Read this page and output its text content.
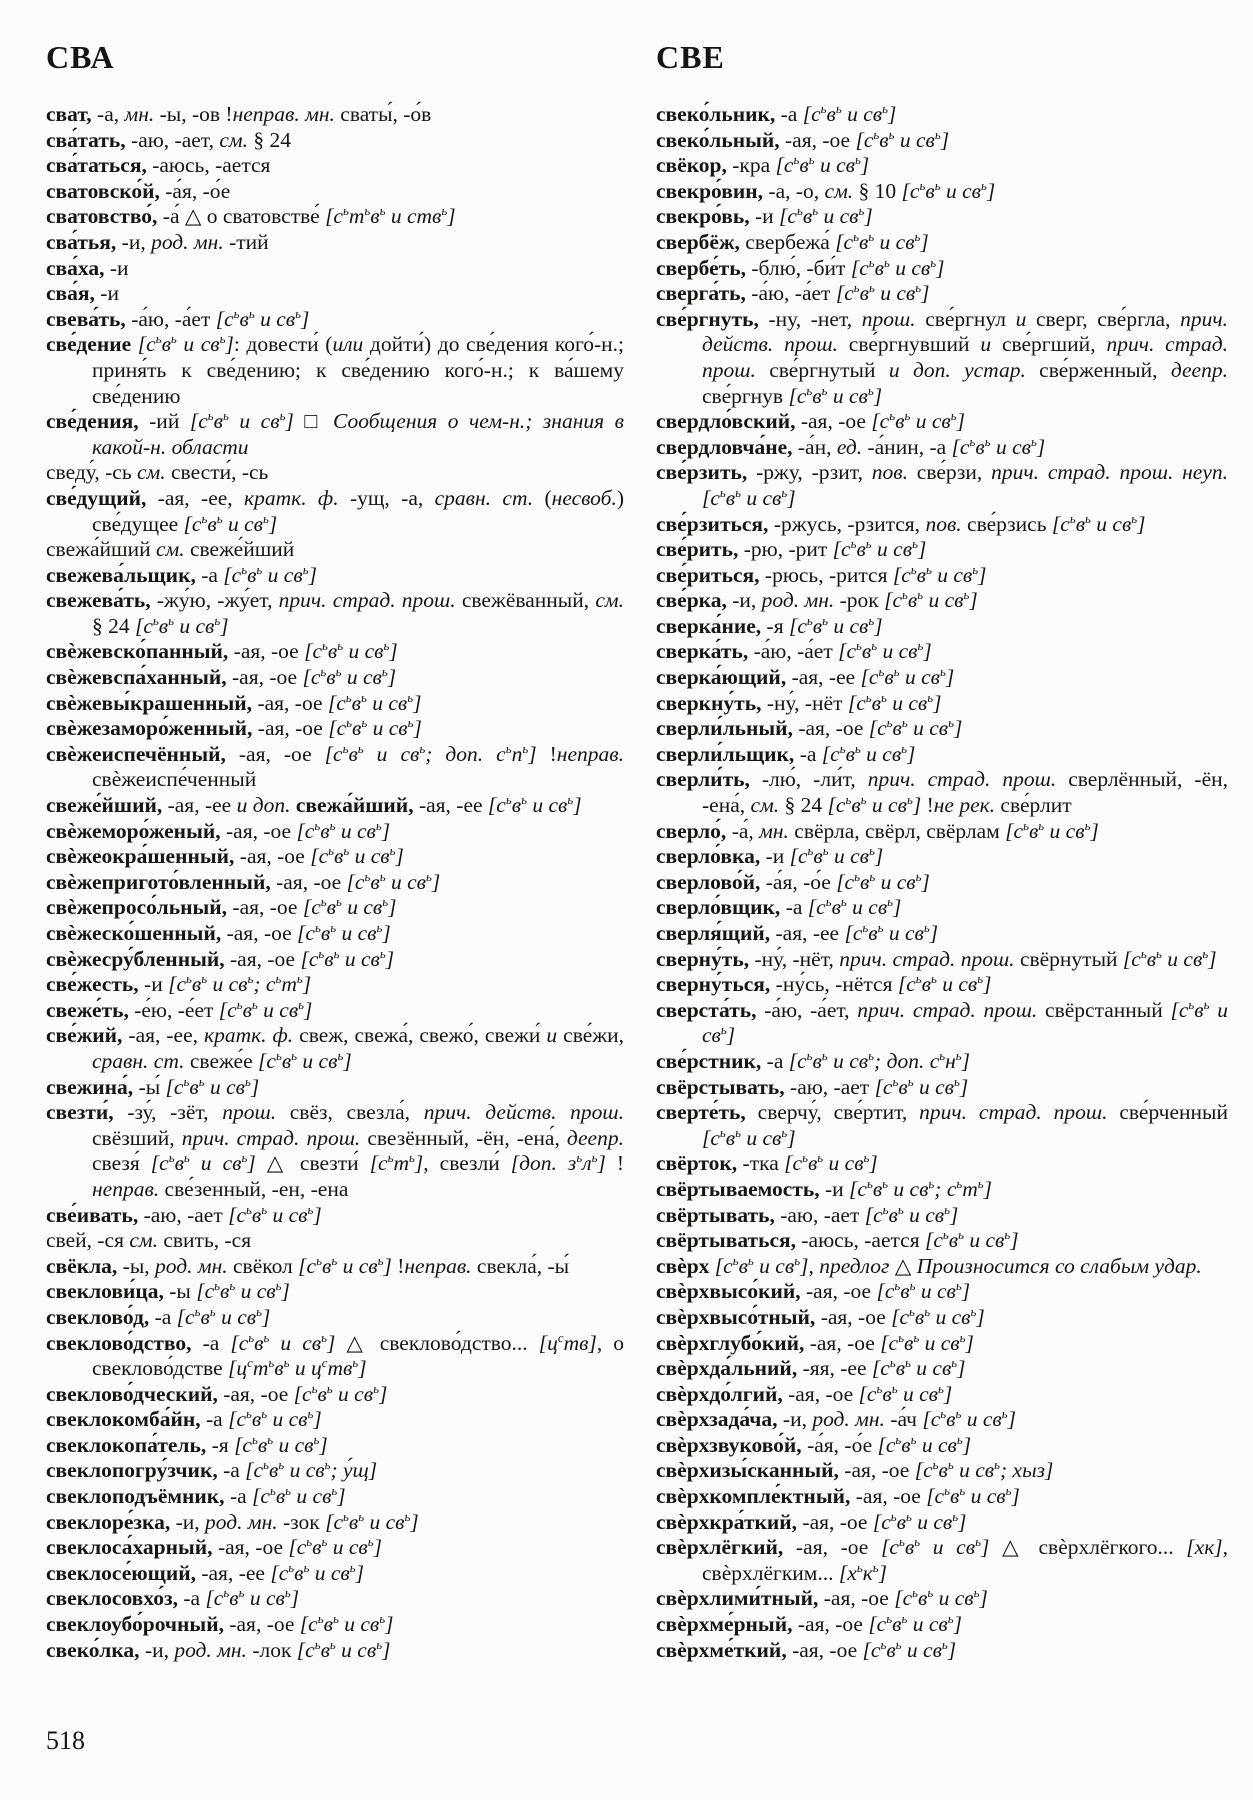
СВА
сват, -а, мн. -ы, -ов !неправ. мн. сваты́, -о́в
сва́тать, -аю, -ает, см. § 24
сва́таться, -аюсь, -ается
сватовско́й, -а́я, -о́е
сватовство́, -а́ △ о сватовстве́ [$с^ьт^ьв^ь$ и ств$^ь$]
сва́тья, -и, род. мн. -тий
сва́ха, -и
сва́я, -и
свева́ть, -а́ю, -а́ет [$с^ьв^ь$ и $св^ь$]
све́дение [$с^ьв^ь$ и $св^ь$]: довести́ (или дойти́) до све́дения кого́-н.; приня́ть к све́дению; к све́дению кого́-н.; к ва́шему све́дению
све́дения, -ий [$с^ьв^ь$ и $св^ь$] □ Сообщения о чем-н.; знания в какой-н. области
сведу́, -сь см. свести́, -сь
све́дущий, -ая, -ее, кратк. ф. -ущ, -а, сравн. ст. (несвоб.) све́дущее [$с^ьв^ь$ и $св^ь$]
свежа́йший см. свеже́йший
свежева́льщик, -а [$с^ьв^ь$ и $св^ь$]
свежева́ть, -жу́ю, -жу́ет, прич. страд. прош. свежёванный, см. § 24 [$с^ьв^ь$ и $св^ь$]
свѐжевско́панный, -ая, -ое [$с^ьв^ь$ и $св^ь$]
свѐжевспа́ханный, -ая, -ое [$с^ьв^ь$ и $св^ь$]
свѐжевы́крашенный, -ая, -ое [$с^ьв^ь$ и $св^ь$]
свѐжезаморо́женный, -ая, -ое [$с^ьв^ь$ и $св^ь$]
свѐжеиспечённый, -ая, -ое [$с^ьв^ь$ и $св^ь$; доп. $с^ьп^ь$] !неправ. свѐжеиспе́ченный
свеже́йший, -ая, -ее и доп. свежа́йший, -ая, -ее [$с^ьв^ь$ и $св^ь$]
свѐжеморо́женый, -ая, -ое [$с^ьв^ь$ и $св^ь$]
свѐжеокра́шенный, -ая, -ое [$с^ьв^ь$ и $св^ь$]
свѐжепригото́вленный, -ая, -ое [$с^ьв^ь$ и $св^ь$]
свѐжепросо́льный, -ая, -ое [$с^ьв^ь$ и $св^ь$]
свѐжеско́шенный, -ая, -ое [$с^ьв^ь$ и $св^ь$]
свѐжесру́бленный, -ая, -ое [$с^ьв^ь$ и $св^ь$]
све́жесть, -и [$с^ьв^ь$ и $св^ь$; $с^ьт^ь$]
свеже́ть, -е́ю, -е́ет [$с^ьв^ь$ и $св^ь$]
све́жий, -ая, -ее, кратк. ф. свеж, свежа́, свежо́, свежи́ и све́жи, сравн. ст. свеже́е [$с^ьв^ь$ и $св^ь$]
свежина́, -ы́ [$с^ьв^ь$ и $св^ь$]
свезти́, -зу́, -зёт, прош. свёз, свезла́, прич. действ. прош. свёзший, прич. страд. прош. свезённый, -ён, -ена́, деепр. свезя́ [$с^ьв^ь$ и $св^ь$] △ свезти́ $[с^ьт^ь]$, свезли́ [доп. $з^ьл^ь$] !неправ. све́зенный, -ен, -ена
све́ивать, -аю, -ает [$с^ьв^ь$ и $св^ь$]
свей, -ся см. свить, -ся
свёкла, -ы, род. мн. свёкол [$с^ьв^ь$ и $св^ь$] !неправ. свекла́, -ы́
свеклови́ца, -ы [$с^ьв^ь$ и $св^ь$]
свеклово́д, -а [$с^ьв^ь$ и $св^ь$]
свеклово́дство, -а [$с^ьв^ь$ и $св^ь$] △ свеклово́дство... $[ц^ств]$, о свеклово́дстве [$ц^ст^ьв^ь$ и $ц^ств^ь$]
свеклово́дческий, -ая, -ое [$с^ьв^ь$ и $св^ь$]
свеклокомба́йн, -а [$с^ьв^ь$ и $св^ь$]
свеклокопа́тель, -я [$с^ьв^ь$ и $св^ь$]
свеклопогру́зчик, -а [$с^ьв^ь$ и $св^ь$; у́щ]
свеклоподъёмник, -а [$с^ьв^ь$ и $св^ь$]
свеклоре́зка, -и, род. мн. -зок [$с^ьв^ь$ и $св^ь$]
свеклоса́харный, -ая, -ое [$с^ьв^ь$ и $св^ь$]
свеклосе́ющий, -ая, -ее [$с^ьв^ь$ и $св^ь$]
свеклосовхо́з, -а [$с^ьв^ь$ и $св^ь$]
свеклоубо́рочный, -ая, -ое [$с^ьв^ь$ и $св^ь$]
свеко́лка, -и, род. мн. -лок [$с^ьв^ь$ и $св^ь$]
СВЕ
свеко́льник, -а [$с^ьв^ь$ и $св^ь$]
свеко́льный, -ая, -ое [$с^ьв^ь$ и $св^ь$]
свёкор, -кра [$с^ьв^ь$ и $св^ь$]
свекро́вин, -а, -о, см. § 10 [$с^ьв^ь$ и $св^ь$]
свекро́вь, -и [$с^ьв^ь$ и $св^ь$]
свербёж, свербежа́ [$с^ьв^ь$ и $св^ь$]
свербе́ть, -блю́, -би́т [$с^ьв^ь$ и $св^ь$]
сверга́ть, -а́ю, -а́ет [$с^ьв^ь$ и $св^ь$]
све́ргнуть, -ну, -нет, прош. све́ргнул и сверг, све́ргла, прич. действ. прош. све́ргнувший и све́ргший, прич. страд. прош. све́ргнутый и доп. устар. све́рженный, деепр. све́ргнув [$с^ьв^ь$ и $св^ь$]
свердло́вский, -ая, -ое [$с^ьв^ь$ и $св^ь$]
свердловча́не, -а́н, ед. -а́нин, -а [$с^ьв^ь$ и $св^ь$]
све́рзить, -ржу, -рзит, пов. све́рзи, прич. страд. прош. неуп. [$с^ьв^ь$ и $св^ь$]
све́рзиться, -ржусь, -рзится, пов. све́рзись [$с^ьв^ь$ и $св^ь$]
све́рить, -рю, -рит [$с^ьв^ь$ и $св^ь$]
све́риться, -рюсь, -рится [$с^ьв^ь$ и $св^ь$]
све́рка, -и, род. мн. -рок [$с^ьв^ь$ и $св^ь$]
сверка́ние, -я [$с^ьв^ь$ и $св^ь$]
сверка́ть, -а́ю, -а́ет [$с^ьв^ь$ и $св^ь$]
сверка́ющий, -ая, -ее [$с^ьв^ь$ и $св^ь$]
сверкну́ть, -ну́, -нёт [$с^ьв^ь$ и $св^ь$]
сверли́льный, -ая, -ое [$с^ьв^ь$ и $св^ь$]
сверли́льщик, -а [$с^ьв^ь$ и $св^ь$]
сверли́ть, -лю́, -ли́т, прич. страд. прош. сверлённый, -ён, -ена́, см. § 24 [$с^ьв^ь$ и $св^ь$] !не рек. све́рлит
сверло́, -а́, мн. свёрла, свёрл, свёрлам [$с^ьв^ь$ и $св^ь$]
сверло́вка, -и [$с^ьв^ь$ и $св^ь$]
сверлово́й, -а́я, -о́е [$с^ьв^ь$ и $св^ь$]
сверло́вщик, -а [$с^ьв^ь$ и $св^ь$]
сверля́щий, -ая, -ее [$с^ьв^ь$ и $св^ь$]
сверну́ть, -ну́, -нёт, прич. страд. прош. свёрнутый [$с^ьв^ь$ и $св^ь$]
сверну́ться, -ну́сь, -нётся [$с^ьв^ь$ и $св^ь$]
сверста́ть, -а́ю, -а́ет, прич. страд. прош. свёрстанный [$с^ьв^ь$ и $св^ь$]
све́рстник, -а [$с^ьв^ь$ и $св^ь$; доп. $с^ьн^ь$]
свёрстывать, -аю, -ает [$с^ьв^ь$ и $св^ь$]
сверте́ть, сверчу́, све́ртит, прич. страд. прош. све́рченный [$с^ьв^ь$ и $св^ь$]
свёрток, -тка [$с^ьв^ь$ и $св^ь$]
свёртываемость, -и [$с^ьв^ь$ и $св^ь$; $с^ьт^ь$]
свёртывать, -аю, -ает [$с^ьв^ь$ и $св^ь$]
свёртываться, -аюсь, -ается [$с^ьв^ь$ и $св^ь$]
свѐрх [$с^ьв^ь$ и $св^ь$], предлог △ Произносится со слабым удар.
свѐрхвысо́кий, -ая, -ое [$с^ьв^ь$ и $св^ь$]
свѐрхвысо́тный, -ая, -ое [$с^ьв^ь$ и $св^ь$]
свѐрхглубо́кий, -ая, -ое [$с^ьв^ь$ и $св^ь$]
свѐрхда́льний, -яя, -ее [$с^ьв^ь$ и $св^ь$]
свѐрхдо́лгий, -ая, -ое [$с^ьв^ь$ и $св^ь$]
свѐрхзада́ча, -и, род. мн. -а́ч [$с^ьв^ь$ и $св^ь$]
свѐрхзвуково́й, -а́я, -о́е [$с^ьв^ь$ и $св^ь$]
свѐрхизы́сканный, -ая, -ое [$с^ьв^ь$ и $св^ь$; хыз]
свѐрхкомпле́ктный, -ая, -ое [$с^ьв^ь$ и $св^ь$]
свѐрхкра́ткий, -ая, -ое [$с^ьв^ь$ и $св^ь$]
свѐрхлёгкий, -ая, -ое [$с^ьв^ь$ и $св^ь$] △ свѐрхлёгкого... [хк], свѐрхлёгким... $[х^ьк^ь]$
свѐрхлими́тный, -ая, -ое [$с^ьв^ь$ и $св^ь$]
свѐрхме́рный, -ая, -ое [$с^ьв^ь$ и $св^ь$]
свѐрхме́ткий, -ая, -ое [$с^ьв^ь$ и $св^ь$]
518
